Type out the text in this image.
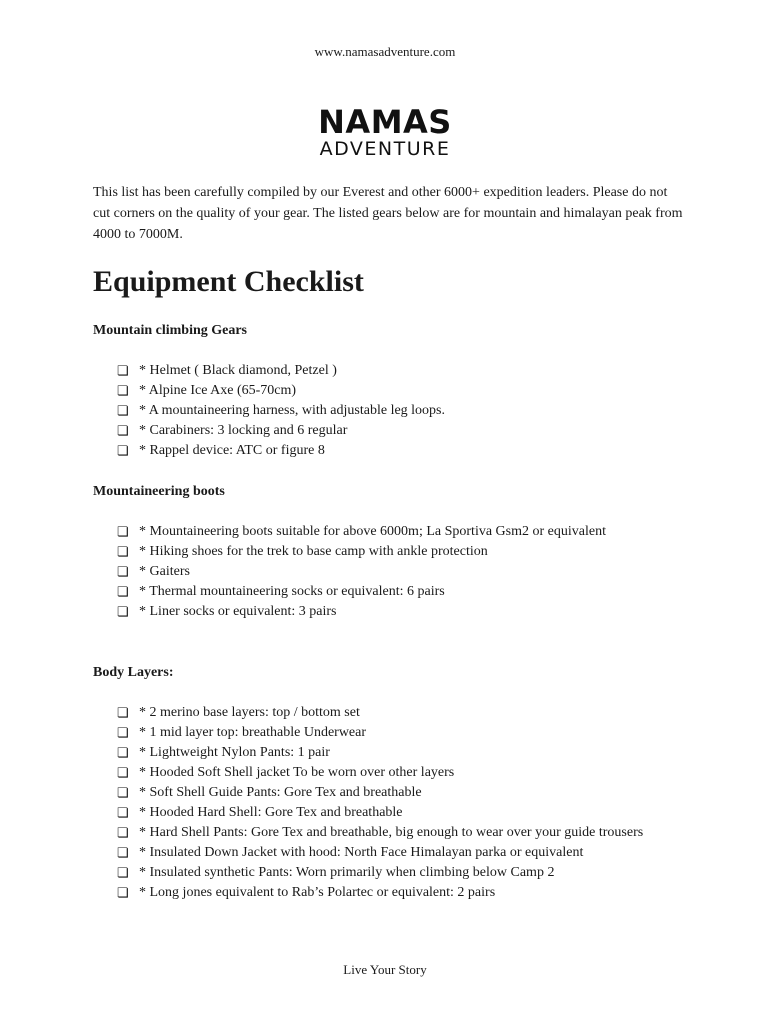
www.namasadventure.com
NAMAS
ADVENTURE
This list has been carefully compiled by our Everest and other 6000+ expedition leaders. Please do not cut corners on the quality of your gear. The listed gears below are for mountain and himalayan peak from 4000 to 7000M.
Equipment Checklist
Mountain climbing Gears
❏ * Helmet ( Black diamond, Petzel )
❏ * Alpine Ice Axe (65-70cm)
❏ * A mountaineering harness, with adjustable leg loops.
❏ * Carabiners: 3 locking and 6 regular
❏ * Rappel device: ATC or figure 8
Mountaineering boots
❏ * Mountaineering boots suitable for above 6000m; La Sportiva Gsm2 or equivalent
❏ * Hiking shoes for the trek to base camp with ankle protection
❏ * Gaiters
❏ * Thermal mountaineering socks or equivalent: 6 pairs
❏ * Liner socks or equivalent: 3 pairs
Body Layers:
❏ * 2 merino base layers: top / bottom set
❏ * 1 mid layer top: breathable Underwear
❏ * Lightweight Nylon Pants: 1 pair
❏ * Hooded Soft Shell jacket To be worn over other layers
❏ * Soft Shell Guide Pants: Gore Tex and breathable
❏ * Hooded Hard Shell: Gore Tex and breathable
❏ * Hard Shell Pants: Gore Tex and breathable, big enough to wear over your guide trousers
❏ * Insulated Down Jacket with hood: North Face Himalayan parka or equivalent
❏ * Insulated synthetic Pants: Worn primarily when climbing below Camp 2
❏ * Long jones equivalent to Rab’s Polartec or equivalent: 2 pairs
Live Your Story
